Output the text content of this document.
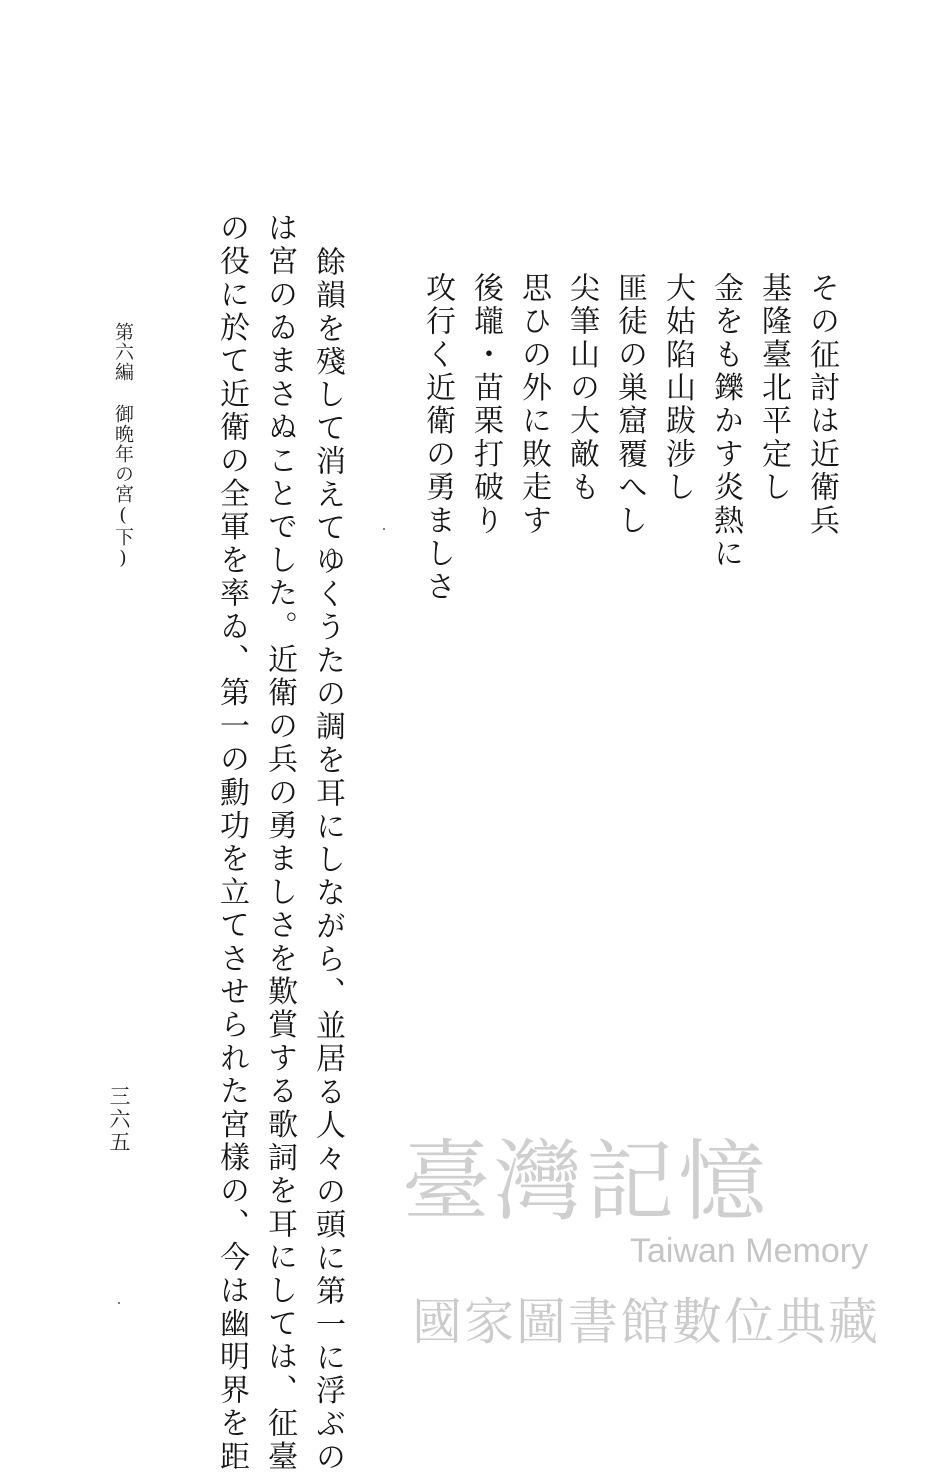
その征討は近衛兵
基隆臺北平定し
金をも鑠かす炎熱に
大姑陷山跋涉し
匪徒の巣窟覆へし
尖筆山の大敵も
思ひの外に敗走す
後壠・苗栗打破り
攻行く近衛の勇ましさ
餘韻を殘して消えてゆくうたの調を耳にしながら、並居る人々の頭に第一に浮ぶの
は宮のゐまさぬことでした。近衛の兵の勇ましさを歎賞する歌詞を耳にしては、征臺
の役に於て近衛の全軍を率ゐ、第一の勳功を立てさせられた宮樣の、今は幽明界を距
第六編御晩年の宮(下)
三六五
臺灣記憶
Taiwan Memory
國家圖書館數位典藏
